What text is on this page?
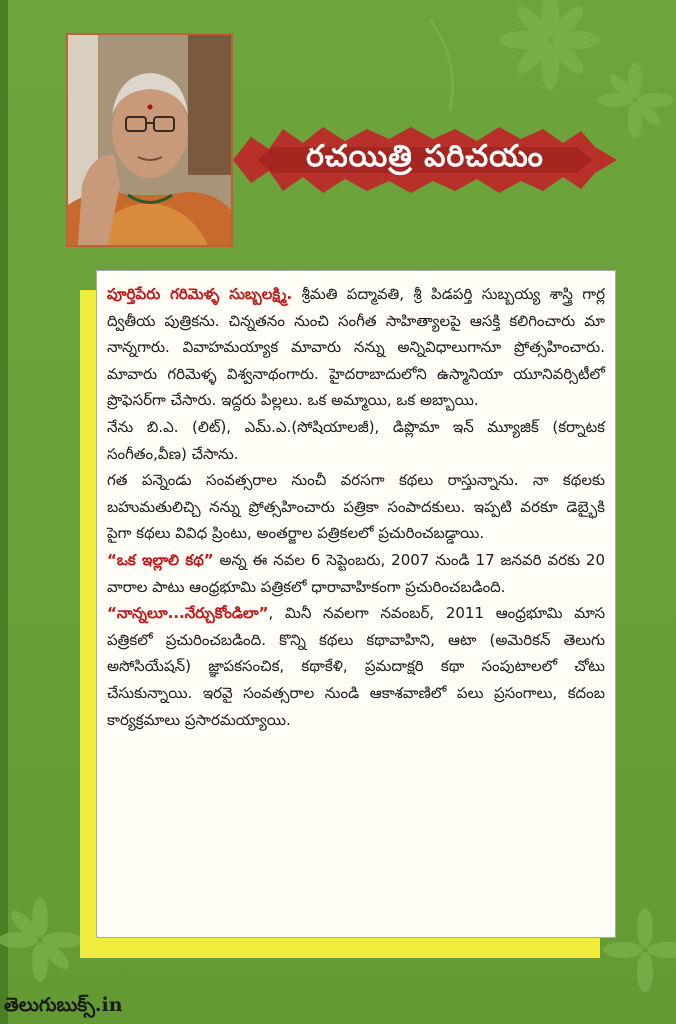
రచయిత్రి పరిచయం

పూర్తిపేరు గరిమెళ్ళ సుబ్బలక్ష్మి. శ్రీమతి పద్మావతి, శ్రీ పిడపర్తి సుబ్బయ్య శాస్త్రి గార్ల ద్వితీయ పుత్రికను. చిన్నతనం నుంచి సంగీత సాహిత్యాలపై ఆసక్తి కలిగించారు మా నాన్నగారు. వివాహమయ్యాక మావారు నన్ను అన్నివిధాలుగానూ ప్రోత్సహించారు. మావారు గరిమెళ్ళ విశ్వనాథంగారు. హైదరాబాదులోని ఉస్మానియా యూనివర్సిటీలో ప్రొఫెసర్‌గా చేసారు. ఇద్దరు పిల్లలు. ఒక అమ్మాయి, ఒక అబ్బాయి.

నేను బి.ఎ. (లిట్), ఎమ్.ఎ.(సోషియాలజీ), డిప్లొమా ఇన్ మ్యూజిక్ (కర్నాటక సంగీతం,వీణ) చేసాను.

గత పన్నెండు సంవత్సరాల నుంచీ వరసగా కథలు రాస్తున్నాను. నా కథలకు బహుమతులిచ్చి నన్ను ప్రోత్సహించారు పత్రికా సంపాదకులు. ఇప్పటి వరకూ డెబ్భైకి పైగా కథలు వివిధ ప్రింటు, అంతర్జాల పత్రికలలో ప్రచురించబడ్డాయి.

“ఒక ఇల్లాలి కథ” అన్న ఈ నవల 6 సెప్టెంబరు, 2007 నుండి 17 జనవరి వరకు 20 వారాల పాటు ఆంధ్రభూమి పత్రికలో ధారావాహికంగా ప్రచురించబడింది.

“నాన్నలూ...నేర్చుకోండిలా”, మినీ నవలగా నవంబర్, 2011 ఆంధ్రభూమి మాస పత్రికలో ప్రచురించబడింది. కొన్ని కథలు కథావాహిని, ఆటా (అమెరికన్ తెలుగు అసోసియేషన్) జ్ఞాపకసంచిక, కథాకేళి, ప్రమదాక్షరి కథా సంపుటాలలో చోటు చేసుకున్నాయి. ఇరవై సంవత్సరాల నుండి ఆకాశవాణిలో పలు ప్రసంగాలు, కదంబ కార్యక్రమాలు ప్రసారమయ్యాయి.

తెలుగుబుక్స్.in
